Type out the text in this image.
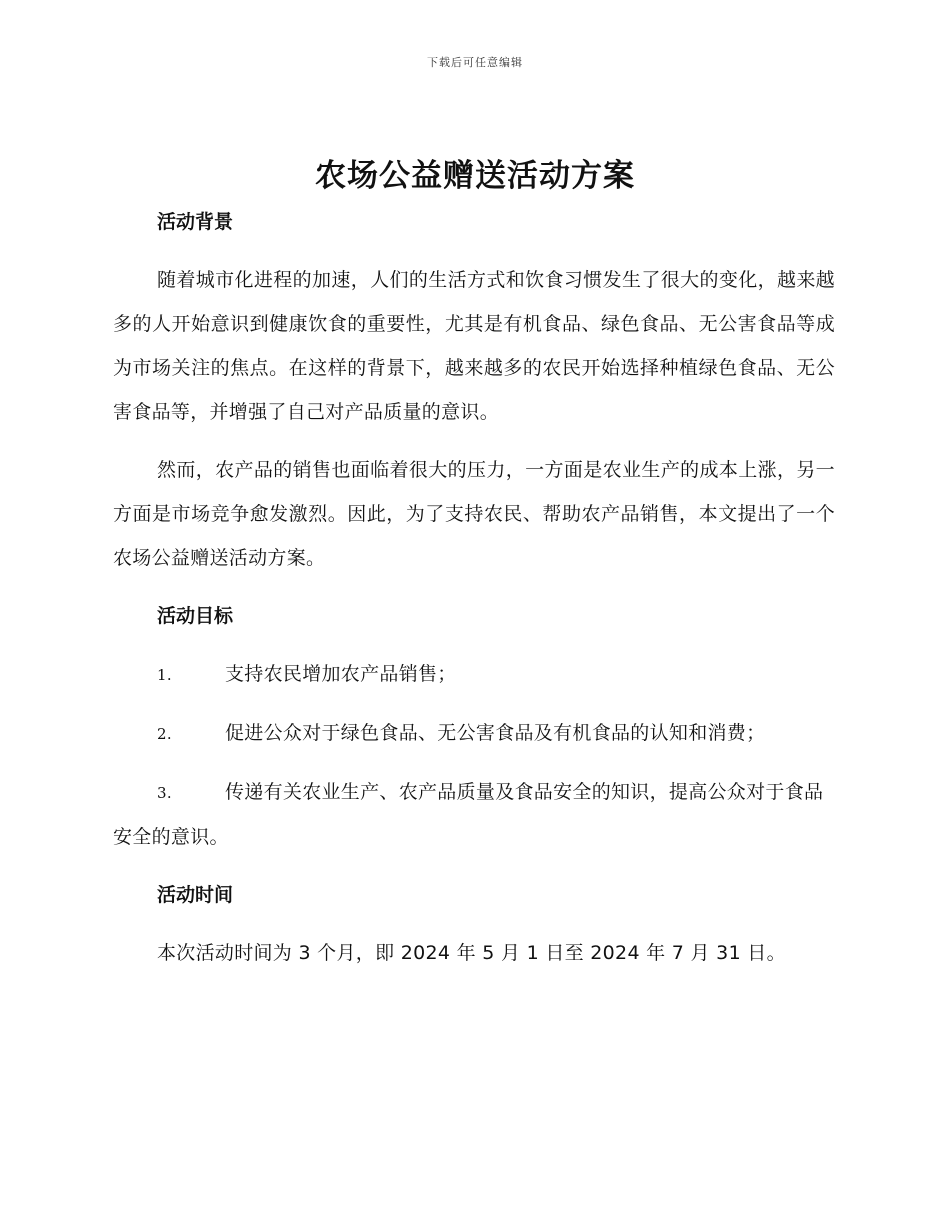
下载后可任意编辑
农场公益赠送活动方案

活动背景

随着城市化进程的加速，人们的生活方式和饮食习惯发生了很大的变化，越来越多的人开始意识到健康饮食的重要性，尤其是有机食品、绿色食品、无公害食品等成为市场关注的焦点。在这样的背景下，越来越多的农民开始选择种植绿色食品、无公害食品等，并增强了自己对产品质量的意识。

然而，农产品的销售也面临着很大的压力，一方面是农业生产的成本上涨，另一方面是市场竞争愈发激烈。因此，为了支持农民、帮助农产品销售，本文提出了一个农场公益赠送活动方案。

活动目标

1.	支持农民增加农产品销售；

2.	促进公众对于绿色食品、无公害食品及有机食品的认知和消费；

3.	传递有关农业生产、农产品质量及食品安全的知识，提高公众对于食品安全的意识。

活动时间

本次活动时间为 3 个月，即 2024 年 5 月 1 日至 2024 年 7 月 31 日。
